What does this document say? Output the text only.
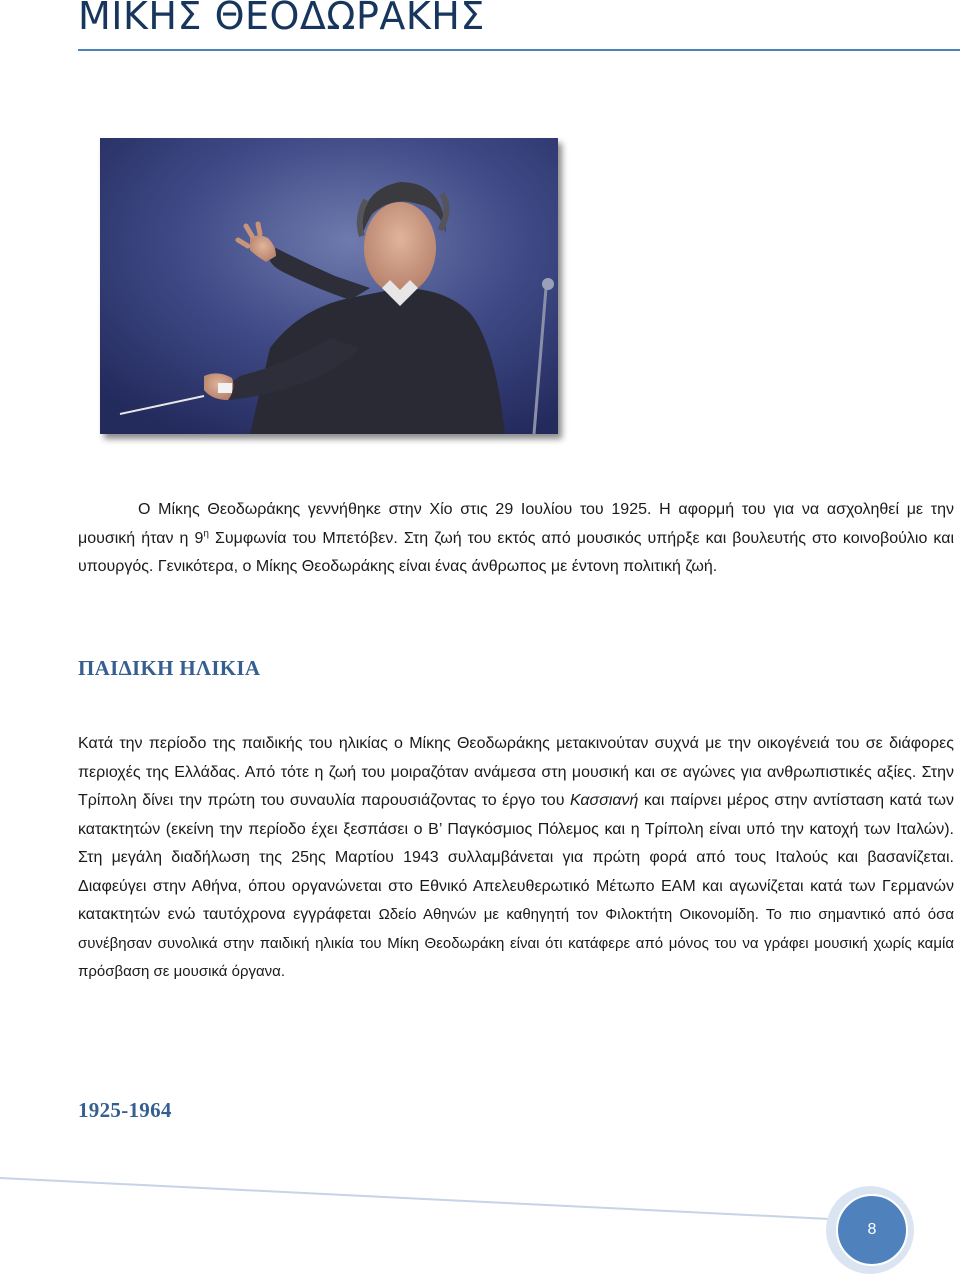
ΜΙΚΗΣ ΘΕΟΔΩΡΑΚΗΣ

Ο Μίκης Θεοδωράκης γεννήθηκε στην Χίο στις 29 Ιουλίου του 1925. Η αφορμή του για να ασχοληθεί με την μουσική ήταν η $9^\eta$ Συμφωνία του Μπετόβεν. Στη ζωή του εκτός από μουσικός υπήρξε και βουλευτής στο κοινοβούλιο και υπουργός. Γενικότερα, ο Μίκης Θεοδωράκης είναι ένας άνθρωπος με έντονη πολιτική ζωή.

ΠΑΙΔΙΚΗ ΗΛΙΚΙΑ

Κατά την περίοδο της παιδικής του ηλικίας ο Μίκης Θεοδωράκης μετακινούταν συχνά με την οικογένειά του σε διάφορες περιοχές της Ελλάδας. Από τότε η ζωή του μοιραζόταν ανάμεσα στη μουσική και σε αγώνες για ανθρωπιστικές αξίες. Στην Τρίπολη δίνει την πρώτη του συναυλία παρουσιάζοντας το έργο του Κασσιανή και παίρνει μέρος στην αντίσταση κατά των κατακτητών (εκείνη την περίοδο έχει ξεσπάσει ο Β’ Παγκόσμιος Πόλεμος και η Τρίπολη είναι υπό την κατοχή των Ιταλών). Στη μεγάλη διαδήλωση της 25ης Μαρτίου 1943 συλλαμβάνεται για πρώτη φορά από τους Ιταλούς και βασανίζεται. Διαφεύγει στην Αθήνα, όπου οργανώνεται στο Εθνικό Απελευθερωτικό Μέτωπο ΕΑΜ και αγωνίζεται κατά των Γερμανών κατακτητών ενώ ταυτόχρονα εγγράφεται Ωδείο Αθηνών με καθηγητή τον Φιλοκτήτη Οικονομίδη. Το πιο σημαντικό από όσα συνέβησαν συνολικά στην παιδική ηλικία του Μίκη Θεοδωράκη είναι ότι κατάφερε από μόνος του να γράφει μουσική χωρίς καμία πρόσβαση σε μουσικά όργανα.

1925-1964
8
